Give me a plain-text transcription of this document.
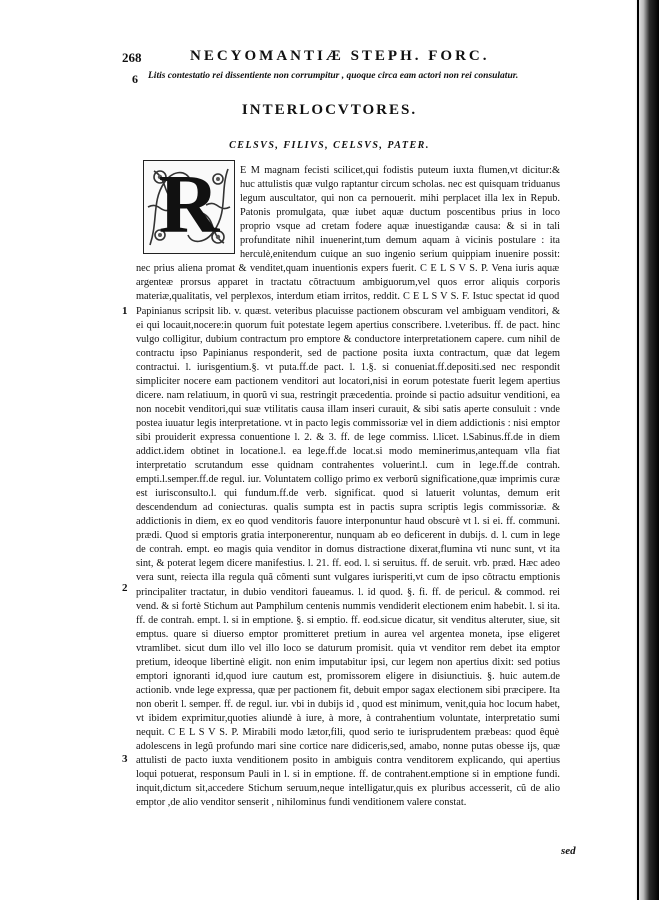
268	NECYOMANTIÆ STEPH. FORC.
6 Litis contestatio rei dissentiente non corrumpitur , quoque circa eam actori non rei consulatur.
INTERLOCVTORES.
CELSVS, FILIVS, CELSVS, PATER.
R
1
2
3
E M magnam fecisti scilicet,qui fodistis puteum iuxta flumen,vt dicitur:&
huc attulistis quæ vulgo raptantur circum scholas. nec est quisquam triduanus
legum auscultator, qui non ca pernouerit. mihi perplacet illa lex in Repub.
Patonis promulgata, quæ iubet aquæ ductum poscentibus prius in loco
proprio vsque ad cretam fodere aquæ inuestigandæ causa: & si in tali
profunditate nihil inuenerint,tum demum aquam à vicinis postulare : ita
herculè,enitendum cuique an suo ingenio serium quippiam inuenire possit:
nec prius aliena promat & venditet,quam inuentionis expers fuerit. C E L S V S. P. Vena iuris aquæ
argenteæ prorsus apparet in tractatu cõtractuum ambiguorum,vel quos error aliquis corporis
materiæ,qualitatis, vel perplexos, interdum etiam irritos, reddit. C E L S V S. F. Istuc spectat id quod
Papinianus scripsit lib. v. quæst. veteribus placuisse pactionem obscuram vel ambiguam venditori, &
ei qui locauit,nocere:in quorum fuit potestate legem apertius conscribere. l.veteribus. ff. de pact. hinc
vulgo colligitur, dubium contractum pro emptore & conductore interpretationem capere. cum nihil de
contractu ipso Papinianus responderit, sed de pactione posita iuxta contractum, quæ dat legem
contractui. l. iurisgentium.§. vt puta.ff.de pact. l. 1.§. si conueniat.ff.depositi.sed nec respondit
simpliciter nocere eam pactionem venditori aut locatori,nisi in eorum potestate fuerit legem apertius
dicere. nam relatiuum, in quorũ vi sua, restringit præcedentia. proinde si pactio adsuitur venditioni, ea
non nocebit venditori,qui suæ vtilitatis causa illam inseri curauit, & sibi satis aperte consuluit : vnde
postea iuuatur legis interpretatione. vt in pacto legis commissoriæ vel in diem addictionis : nisi emptor
sibi prouiderit expressa conuentione l. 2. & 3. ff. de lege commiss. l.licet. l.Sabinus.ff.de in diem
addict.idem obtinet in locatione.l. ea lege.ff.de locat.si modo meminerimus,antequam vlla fiat
interpretatio scrutandum esse quidnam contrahentes voluerint.l. cum in lege.ff.de contrah.
empti.l.semper.ff.de regul. iur. Voluntatem colligo primo ex verborũ significatione,quæ imprimis curæ
est iurisconsulto.l. qui fundum.ff.de verb. significat. quod si latuerit voluntas, demum erit
descendendum ad coniecturas. qualis sumpta est in pactis supra scriptis legis commissoriæ. &
addictionis in diem, ex eo quod venditoris fauore interponuntur haud obscurè vt l. si ei. ff. communi.
prædi. Quod si emptoris gratia interponerentur, nunquam ab eo deficerent in dubijs. d. l. cum in lege
de contrah. empt. eo magis quia venditor in domus distractione dixerat,flumina vti nunc sunt, vt ita
sint, & poterat legem dicere manifestius. l. 21. ff. eod. l. si seruitus. ff. de seruit. vrb. præd. Hæc adeo
vera sunt, reiecta illa regula quã cõmenti sunt vulgares iurisperiti,vt cum de ipso cõtractu emptionis
principaliter tractatur, in dubio venditori faueamus. l. id quod. §. fi. ff. de pericul. & commod. rei
vend. & si fortè Stichum aut Pamphilum centenis nummis vendiderit electionem enim habebit. l. si ita.
ff. de contrah. empt. l. si in emptione. §. si emptio. ff. eod.sicue dicatur, sit venditus alteruter, siue, sit
emptus. quare si diuerso emptor promitteret pretium in aurea vel argentea moneta, ipse eligeret
vtramlibet. sicut dum illo vel illo loco se daturum promisit. quia vt venditor rem debet ita emptor
pretium, ideoque libertinè eligit. non enim imputabitur ipsi, cur legem non apertius dixit: sed potius
emptori ignoranti id,quod iure cautum est, promissorem eligere in disiunctiuis. §. huic autem.de
actionib. vnde lege expressa, quæ per pactionem fit, debuit empor sagax electionem sibi præcipere. Ita
non oberit l. semper. ff. de regul. iur. vbi in dubijs id , quod est minimum, venit,quia hoc locum habet,
vt ibidem exprimitur,quoties aliundè à iure, à more, à contrahentium voluntate, interpretatio sumi
nequit. C E L S V S. P. Mirabili modo lætor,fili, quod serio te iurisprudentem præbeas: quod êquè
adolescens in legũ profundo mari sine cortice nare didiceris,sed, amabo, nonne putas obesse ijs, quæ
attulisti de pacto iuxta venditionem posito in ambiguis contra venditorem explicando, qui apertius
loqui potuerat, responsum Pauli in l. si in emptione. ff. de contrahent.emptione si in emptione fundi.
inquit,dictum sit,accedere Stichum seruum,neque intelligatur,quis ex pluribus accesserit, cũ de alio
emptor ,de alio venditor senserit , nihilominus fundi venditionem valere constat.
sed
